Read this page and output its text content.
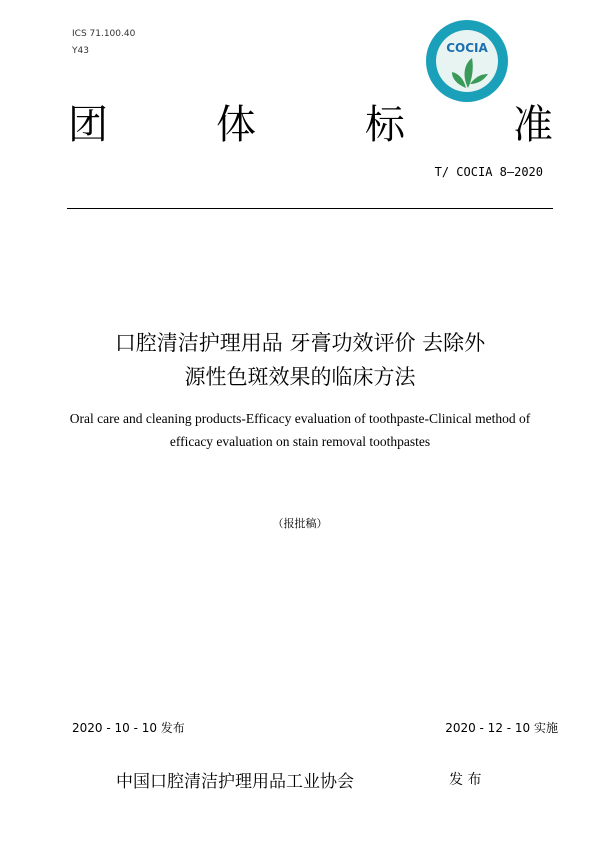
ICS 71.100.40
Y43	COCIA
团	体	标	准
T/ COCIA 8—2020
口腔清洁护理用品 牙膏功效评价 去除外
源性色斑效果的临床方法
Oral care and cleaning products-Efficacy evaluation of toothpaste-Clinical method of
efficacy evaluation on stain removal toothpastes
（报批稿）
2020 - 10 - 10 发布	2020 - 12 - 10 实施
中国口腔清洁护理用品工业协会	发 布
